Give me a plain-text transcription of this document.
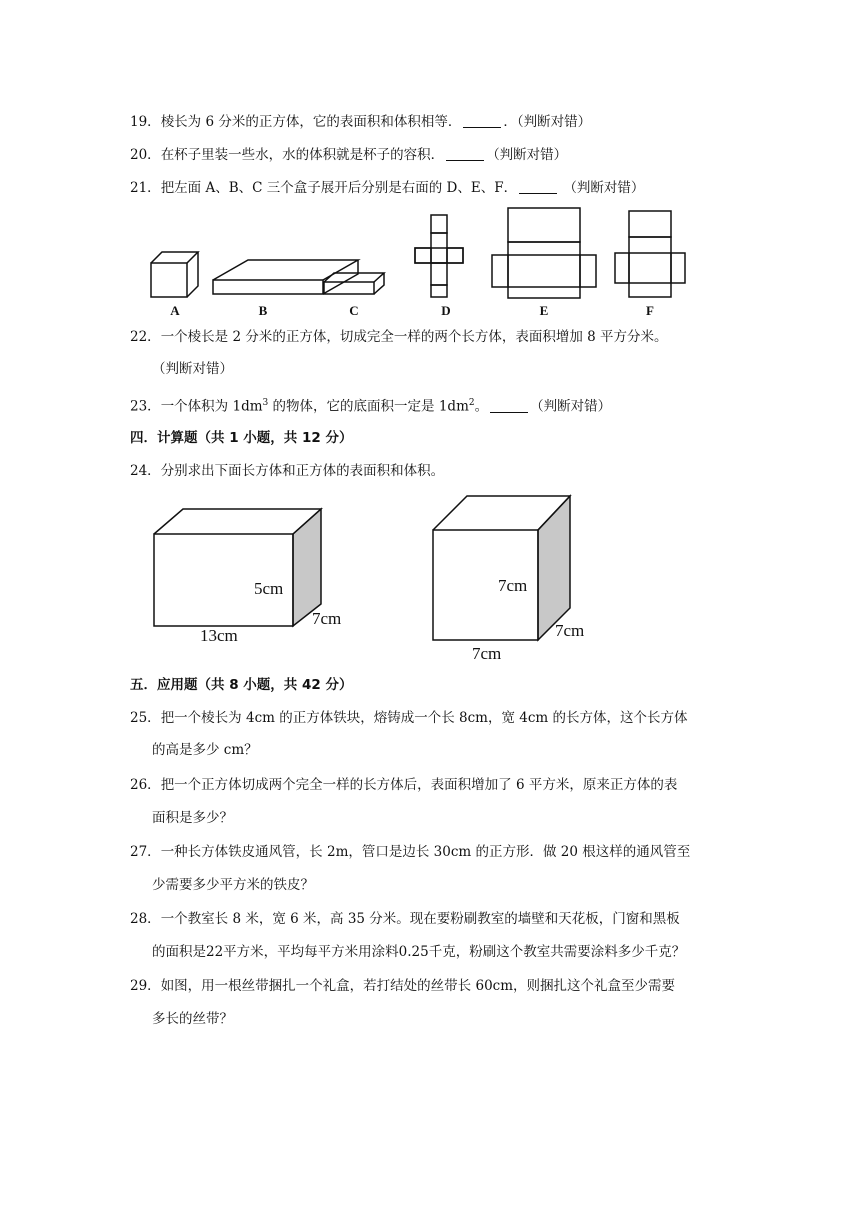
19．棱长为 6 分米的正方体，它的表面积和体积相等．	．（判断对错）
20．在杯子里装一些水，水的体积就是杯子的容积．	（判断对错）
21．把左面 A、B、C 三个盒子展开后分别是右面的 D、E、F．	（判断对错）
A	B	C	D	E	F
22．一个棱长是 2 分米的正方体，切成完全一样的两个长方体，表面积增加 8 平方分米。
（判断对错）
23．一个体积为 $1dm^3$ 的物体，它的底面积一定是 $1dm^2$。	（判断对错）
四．计算题（共 1 小题，共 12 分）
24．分别求出下面长方体和正方体的表面积和体积。
5cm
7cm
13cm
7cm
7cm
7cm
五．应用题（共 8 小题，共 42 分）
25．把一个棱长为 4cm 的正方体铁块，熔铸成一个长 8cm，宽 4cm 的长方体，这个长方体
的高是多少 cm？
26．把一个正方体切成两个完全一样的长方体后，表面积增加了 6 平方米，原来正方体的表
面积是多少？
27．一种长方体铁皮通风管，长 2m，管口是边长 30cm 的正方形．做 20 根这样的通风管至
少需要多少平方米的铁皮？
28．一个教室长 8 米，宽 6 米，高 35 分米。现在要粉刷教室的墙壁和天花板，门窗和黑板
的面积是22平方米，平均每平方米用涂料0.25千克，粉刷这个教室共需要涂料多少千克？
29．如图，用一根丝带捆扎一个礼盒，若打结处的丝带长 60cm，则捆扎这个礼盒至少需要
多长的丝带？
